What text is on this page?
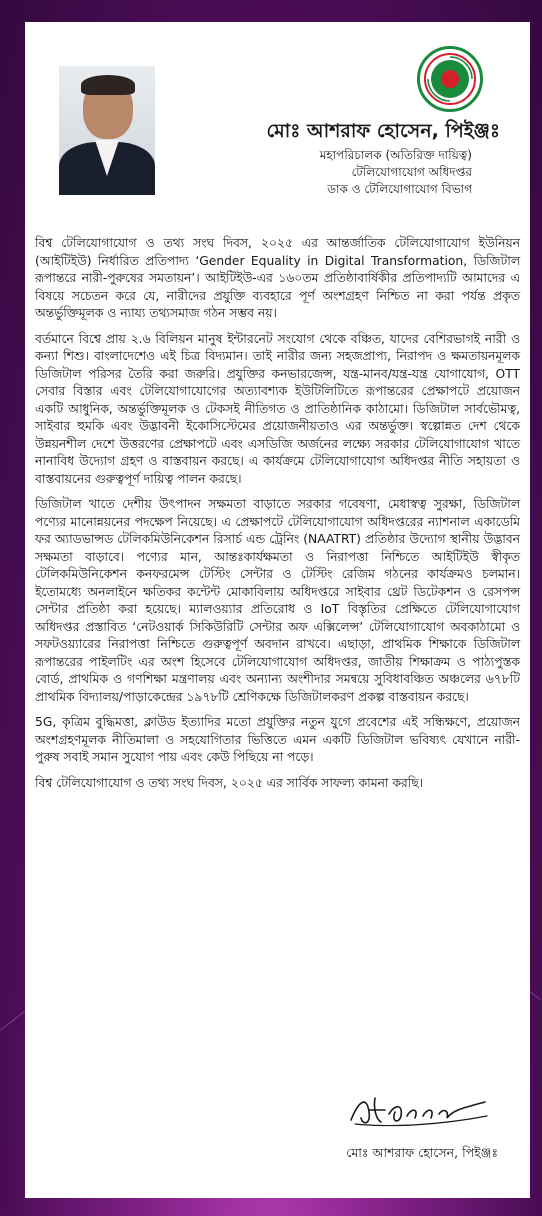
মোঃ আশরাফ হোসেন, পিইঞ্জঃ
মহাপরিচালক (অতিরিক্ত দায়িত্ব)
টেলিযোগাযোগ অধিদপ্তর
ডাক ও টেলিযোগাযোগ বিভাগ

বিশ্ব টেলিযোগাযোগ ও তথ্য সংঘ দিবস, ২০২৫ এর আন্তর্জাতিক টেলিযোগাযোগ ইউনিয়ন (আইটিইউ) নির্ধারিত প্রতিপাদ্য ‘Gender Equality in Digital Transformation, ডিজিটাল রূপান্তরে নারী-পুরুষের সমতায়ন’। আইটিইউ-এর ১৬০তম প্রতিষ্ঠাবার্ষিকীর প্রতিপাদ্যটি আমাদের এ বিষয়ে সচেতন করে যে, নারীদের প্রযুক্তি ব্যবহারে পূর্ণ অংশগ্রহণ নিশ্চিত না করা পর্যন্ত প্রকৃত অন্তর্ভুক্তিমূলক ও ন্যায্য তথ্যসমাজ গঠন সম্ভব নয়।

বর্তমানে বিশ্বে প্রায় ২.৬ বিলিয়ন মানুষ ইন্টারনেট সংযোগ থেকে বঞ্চিত, যাদের বেশিরভাগই নারী ও কন্যা শিশু। বাংলাদেশেও এই চিত্র বিদ্যমান। তাই নারীর জন্য সহজপ্রাপ্য, নিরাপদ ও ক্ষমতায়নমূলক ডিজিটাল পরিসর তৈরি করা জরুরি। প্রযুক্তির কনভারজেন্স, যন্ত্র-মানব/যন্ত্র-যন্ত্র যোগাযোগ, OTT সেবার বিস্তার এবং টেলিযোগাযোগের অত্যাবশ্যক ইউটিলিটিতে রূপান্তরের প্রেক্ষাপটে প্রয়োজন একটি আধুনিক, অন্তর্ভুক্তিমূলক ও টেকসই নীতিগত ও প্রাতিষ্ঠানিক কাঠামো। ডিজিটাল সার্বভৌমত্ব, সাইবার হুমকি এবং উদ্ভাবনী ইকোসিস্টেমের প্রয়োজনীয়তাও এর অন্তর্ভুক্ত। স্বল্পোন্নত দেশ থেকে উন্নয়নশীল দেশে উত্তরণের প্রেক্ষাপটে এবং এসডিজি অর্জনের লক্ষ্যে সরকার টেলিযোগাযোগ খাতে নানাবিধ উদ্যোগ গ্রহণ ও বাস্তবায়ন করছে। এ কার্যক্রমে টেলিযোগাযোগ অধিদপ্তর নীতি সহায়তা ও বাস্তবায়নের গুরুত্বপূর্ণ দায়িত্ব পালন করছে।

ডিজিটাল খাতে দেশীয় উৎপাদন সক্ষমতা বাড়াতে সরকার গবেষণা, মেধাস্বত্ব সুরক্ষা, ডিজিটাল পণ্যের মানোন্নয়নের পদক্ষেপ নিয়েছে। এ প্রেক্ষাপটে টেলিযোগাযোগ অধিদপ্তরের ন্যাশনাল একাডেমি ফর অ্যাডভান্সড টেলিকমিউনিকেশন রিসার্চ এন্ড ট্রেনিং (NAATRT) প্রতিষ্ঠার উদ্যোগ স্থানীয় উদ্ভাবন সক্ষমতা বাড়াবে। পণ্যের মান, আন্তঃকার্যক্ষমতা ও নিরাপত্তা নিশ্চিতে আইটিইউ স্বীকৃত টেলিকমিউনিকেশন কনফরমেন্স টেস্টিং সেন্টার ও টেস্টিং রেজিম গঠনের কার্যক্রমও চলমান। ইতোমধ্যে অনলাইনে ক্ষতিকর কন্টেন্ট মোকাবিলায় অধিদপ্তরে সাইবার থ্রেট ডিটেকশন ও রেসপন্স সেন্টার প্রতিষ্ঠা করা হয়েছে। ম্যালওয়্যার প্রতিরোধ ও IoT বিস্তৃতির প্রেক্ষিতে টেলিযোগাযোগ অধিদপ্তর প্রস্তাবিত ‘নেটওয়ার্ক সিকিউরিটি সেন্টার অফ এক্সিলেন্স’ টেলিযোগাযোগ অবকাঠামো ও সফটওয়্যারের নিরাপত্তা নিশ্চিতে গুরুত্বপূর্ণ অবদান রাখবে। এছাড়া, প্রাথমিক শিক্ষাকে ডিজিটাল রূপান্তরের পাইলটিং এর অংশ হিসেবে টেলিযোগাযোগ অধিদপ্তর, জাতীয় শিক্ষাক্রম ও পাঠ্যপুস্তক বোর্ড, প্রাথমিক ও গণশিক্ষা মন্ত্রণালয় এবং অন্যান্য অংশীদার সমন্বয়ে সুবিধাবঞ্চিত অঞ্চলের ৬৭৮টি প্রাথমিক বিদ্যালয়/পাড়াকেন্দ্রের ১৯৭৮টি শ্রেণিকক্ষে ডিজিটালকরণ প্রকল্প বাস্তবায়ন করছে।

5G, কৃত্রিম বুদ্ধিমত্তা, ক্লাউড ইত্যাদির মতো প্রযুক্তির নতুন যুগে প্রবেশের এই সন্ধিক্ষণে, প্রয়োজন অংশগ্রহণমূলক নীতিমালা ও সহযোগিতার ভিত্তিতে এমন একটি ডিজিটাল ভবিষ্যৎ যেখানে নারী-পুরুষ সবাই সমান সুযোগ পায় এবং কেউ পিছিয়ে না পড়ে।

বিশ্ব টেলিযোগাযোগ ও তথ্য সংঘ দিবস, ২০২৫ এর সার্বিক সাফল্য কামনা করছি।

মোঃ আশরাফ হোসেন, পিইঞ্জঃ
